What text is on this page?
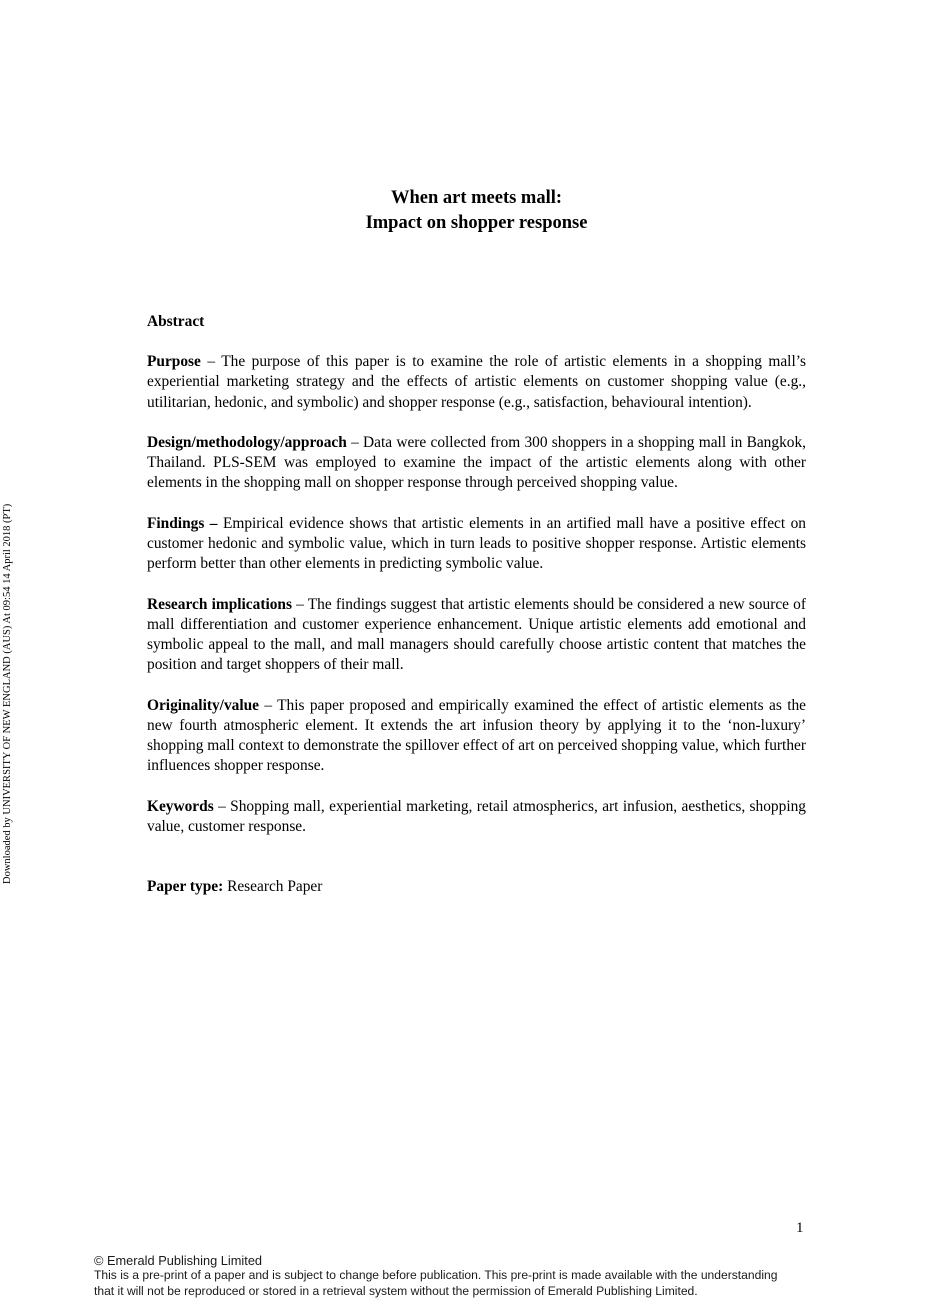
When art meets mall:
Impact on shopper response
Downloaded by UNIVERSITY OF NEW ENGLAND (AUS) At 09:54 14 April 2018 (PT)
Abstract

Purpose – The purpose of this paper is to examine the role of artistic elements in a shopping mall’s experiential marketing strategy and the effects of artistic elements on customer shopping value (e.g., utilitarian, hedonic, and symbolic) and shopper response (e.g., satisfaction, behavioural intention).

Design/methodology/approach – Data were collected from 300 shoppers in a shopping mall in Bangkok, Thailand. PLS-SEM was employed to examine the impact of the artistic elements along with other elements in the shopping mall on shopper response through perceived shopping value.

Findings – Empirical evidence shows that artistic elements in an artified mall have a positive effect on customer hedonic and symbolic value, which in turn leads to positive shopper response. Artistic elements perform better than other elements in predicting symbolic value.

Research implications – The findings suggest that artistic elements should be considered a new source of mall differentiation and customer experience enhancement. Unique artistic elements add emotional and symbolic appeal to the mall, and mall managers should carefully choose artistic content that matches the position and target shoppers of their mall.

Originality/value – This paper proposed and empirically examined the effect of artistic elements as the new fourth atmospheric element. It extends the art infusion theory by applying it to the ‘non-luxury’ shopping mall context to demonstrate the spillover effect of art on perceived shopping value, which further influences shopper response.

Keywords – Shopping mall, experiential marketing, retail atmospherics, art infusion, aesthetics, shopping value, customer response.

Paper type: Research Paper

1
© Emerald Publishing Limited
This is a pre-print of a paper and is subject to change before publication. This pre-print is made available with the understanding
that it will not be reproduced or stored in a retrieval system without the permission of Emerald Publishing Limited.
